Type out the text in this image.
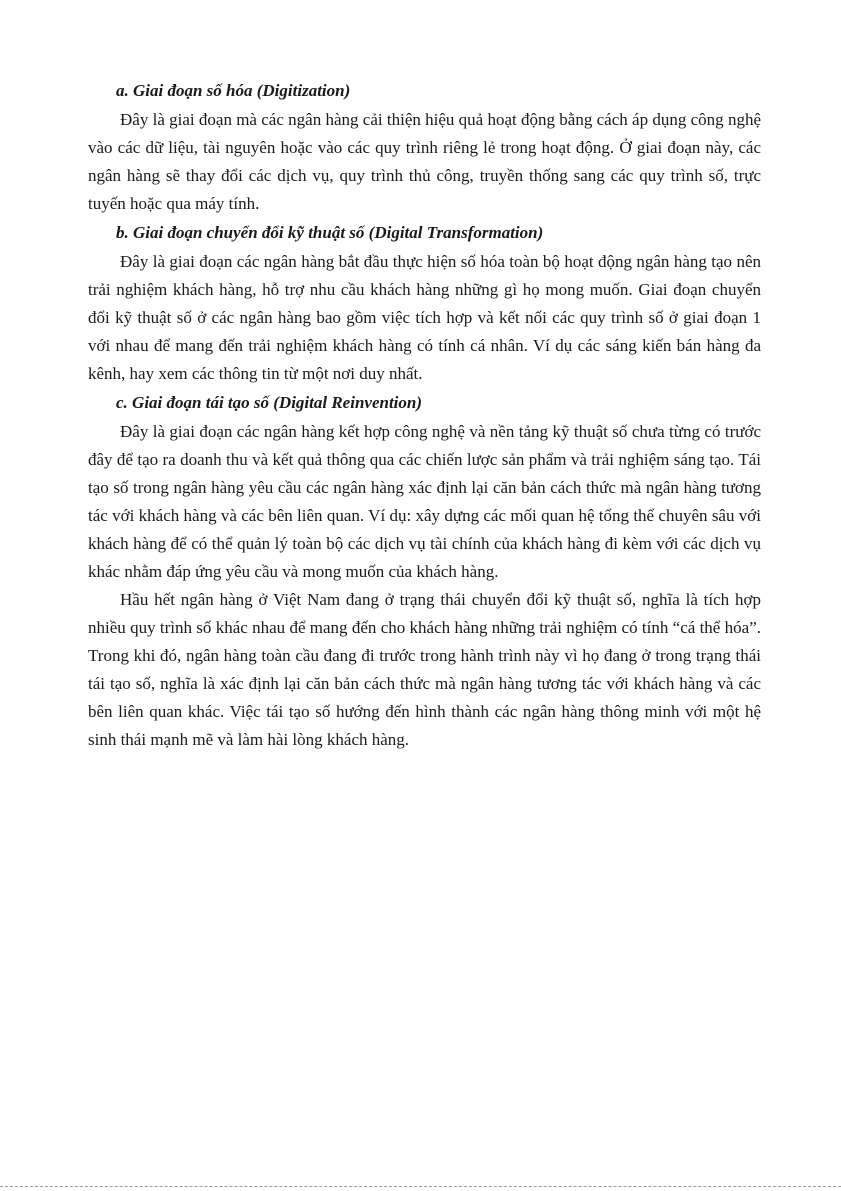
a. Giai đoạn số hóa (Digitization)

Đây là giai đoạn mà các ngân hàng cải thiện hiệu quả hoạt động bằng cách áp dụng công nghệ vào các dữ liệu, tài nguyên hoặc vào các quy trình riêng lẻ trong hoạt động. Ở giai đoạn này, các ngân hàng sẽ thay đổi các dịch vụ, quy trình thủ công, truyền thống sang các quy trình số, trực tuyến hoặc qua máy tính.

b. Giai đoạn chuyển đổi kỹ thuật số (Digital Transformation)

Đây là giai đoạn các ngân hàng bắt đầu thực hiện số hóa toàn bộ hoạt động ngân hàng tạo nên trải nghiệm khách hàng, hỗ trợ nhu cầu khách hàng những gì họ mong muốn. Giai đoạn chuyển đổi kỹ thuật số ở các ngân hàng bao gồm việc tích hợp và kết nối các quy trình số ở giai đoạn 1 với nhau để mang đến trải nghiệm khách hàng có tính cá nhân. Ví dụ các sáng kiến bán hàng đa kênh, hay xem các thông tin từ một nơi duy nhất.

c. Giai đoạn tái tạo số (Digital Reinvention)

Đây là giai đoạn các ngân hàng kết hợp công nghệ và nền tảng kỹ thuật số chưa từng có trước đây để tạo ra doanh thu và kết quả thông qua các chiến lược sản phẩm và trải nghiệm sáng tạo. Tái tạo số trong ngân hàng yêu cầu các ngân hàng xác định lại căn bản cách thức mà ngân hàng tương tác với khách hàng và các bên liên quan. Ví dụ: xây dựng các mối quan hệ tổng thể chuyên sâu với khách hàng để có thể quản lý toàn bộ các dịch vụ tài chính của khách hàng đi kèm với các dịch vụ khác nhằm đáp ứng yêu cầu và mong muốn của khách hàng.

Hầu hết ngân hàng ở Việt Nam đang ở trạng thái chuyển đổi kỹ thuật số, nghĩa là tích hợp nhiều quy trình số khác nhau để mang đến cho khách hàng những trải nghiệm có tính “cá thể hóa”. Trong khi đó, ngân hàng toàn cầu đang đi trước trong hành trình này vì họ đang ở trong trạng thái tái tạo số, nghĩa là xác định lại căn bản cách thức mà ngân hàng tương tác với khách hàng và các bên liên quan khác. Việc tái tạo số hướng đến hình thành các ngân hàng thông minh với một hệ sinh thái mạnh mẽ và làm hài lòng khách hàng.
